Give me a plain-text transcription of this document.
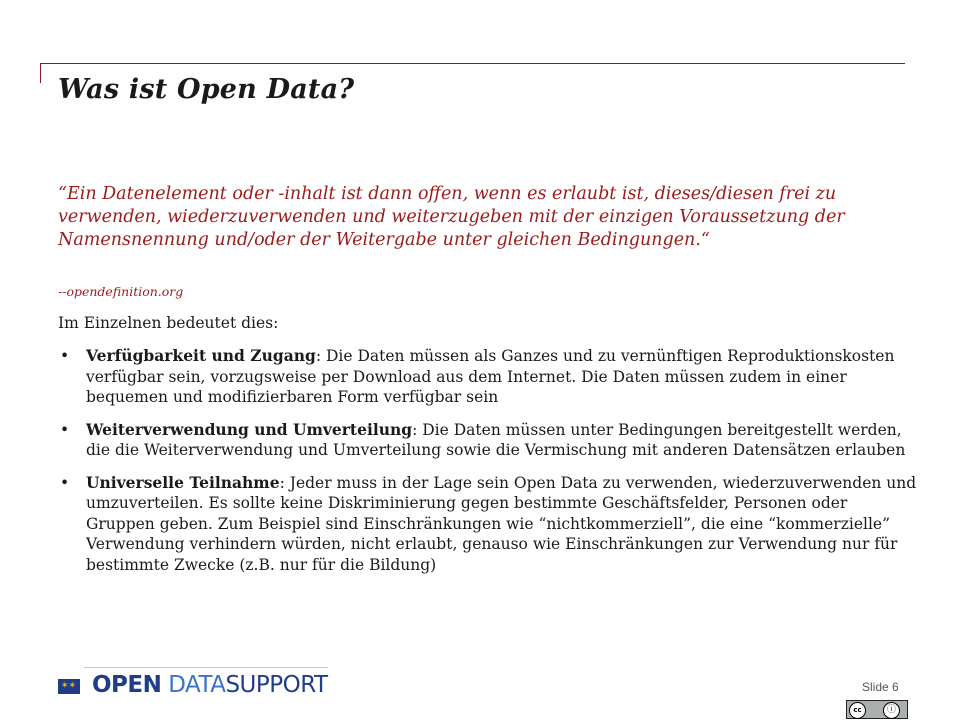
Was ist Open Data?

“Ein Datenelement oder -inhalt ist dann offen, wenn es erlaubt ist, dieses/diesen frei zu verwenden, wiederzuverwenden und weiterzugeben mit der einzigen Voraussetzung der Namensnennung und/oder der Weitergabe unter gleichen Bedingungen.“

--opendefinition.org

Im Einzelnen bedeutet dies:

• Verfügbarkeit und Zugang: Die Daten müssen als Ganzes und zu vernünftigen Reproduktionskosten verfügbar sein, vorzugsweise per Download aus dem Internet. Die Daten müssen zudem in einer bequemen und modifizierbaren Form verfügbar sein
• Weiterverwendung und Umverteilung: Die Daten müssen unter Bedingungen bereitgestellt werden, die die Weiterverwendung und Umverteilung sowie die Vermischung mit anderen Datensätzen erlauben
• Universelle Teilnahme: Jeder muss in der Lage sein Open Data zu verwenden, wiederzuverwenden und umzuverteilen. Es sollte keine Diskriminierung gegen bestimmte Geschäftsfelder, Personen oder Gruppen geben. Zum Beispiel sind Einschränkungen wie “nichtkommerziell”, die eine “kommerzielle” Verwendung verhindern würden, nicht erlaubt, genauso wie Einschränkungen zur Verwendung nur für bestimmte Zwecke (z.B. nur für die Bildung)
✶✶ OPEN DATASUPPORT	Slide 6
cc	ⓘ
